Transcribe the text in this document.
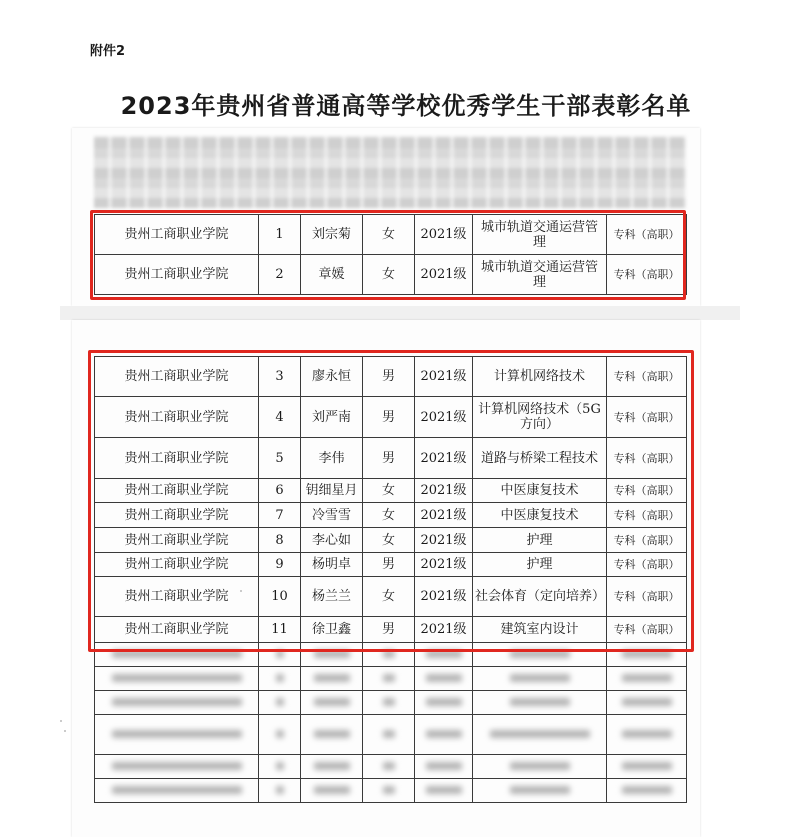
附件2
2023年贵州省普通高等学校优秀学生干部表彰名单
贵州工商职业学院	1	刘宗菊	女	2021级	城市轨道交通运营管理	专科（高职）
贵州工商职业学院	2	章媛	女	2021级	城市轨道交通运营管理	专科（高职）
贵州工商职业学院	3	廖永恒	男	2021级	计算机网络技术	专科（高职）
贵州工商职业学院	4	刘严南	男	2021级	计算机网络技术（5G方向）	专科（高职）
贵州工商职业学院	5	李伟	男	2021级	道路与桥梁工程技术	专科（高职）
贵州工商职业学院	6	钥细星月	女	2021级	中医康复技术	专科（高职）
贵州工商职业学院	7	冷雪雪	女	2021级	中医康复技术	专科（高职）
贵州工商职业学院	8	李心如	女	2021级	护理	专科（高职）
贵州工商职业学院	9	杨明卓	男	2021级	护理	专科（高职）
贵州工商职业学院	10	杨兰兰	女	2021级	社会体育（定向培养）	专科（高职）
贵州工商职业学院	11	徐卫鑫	男	2021级	建筑室内设计	专科（高职）
